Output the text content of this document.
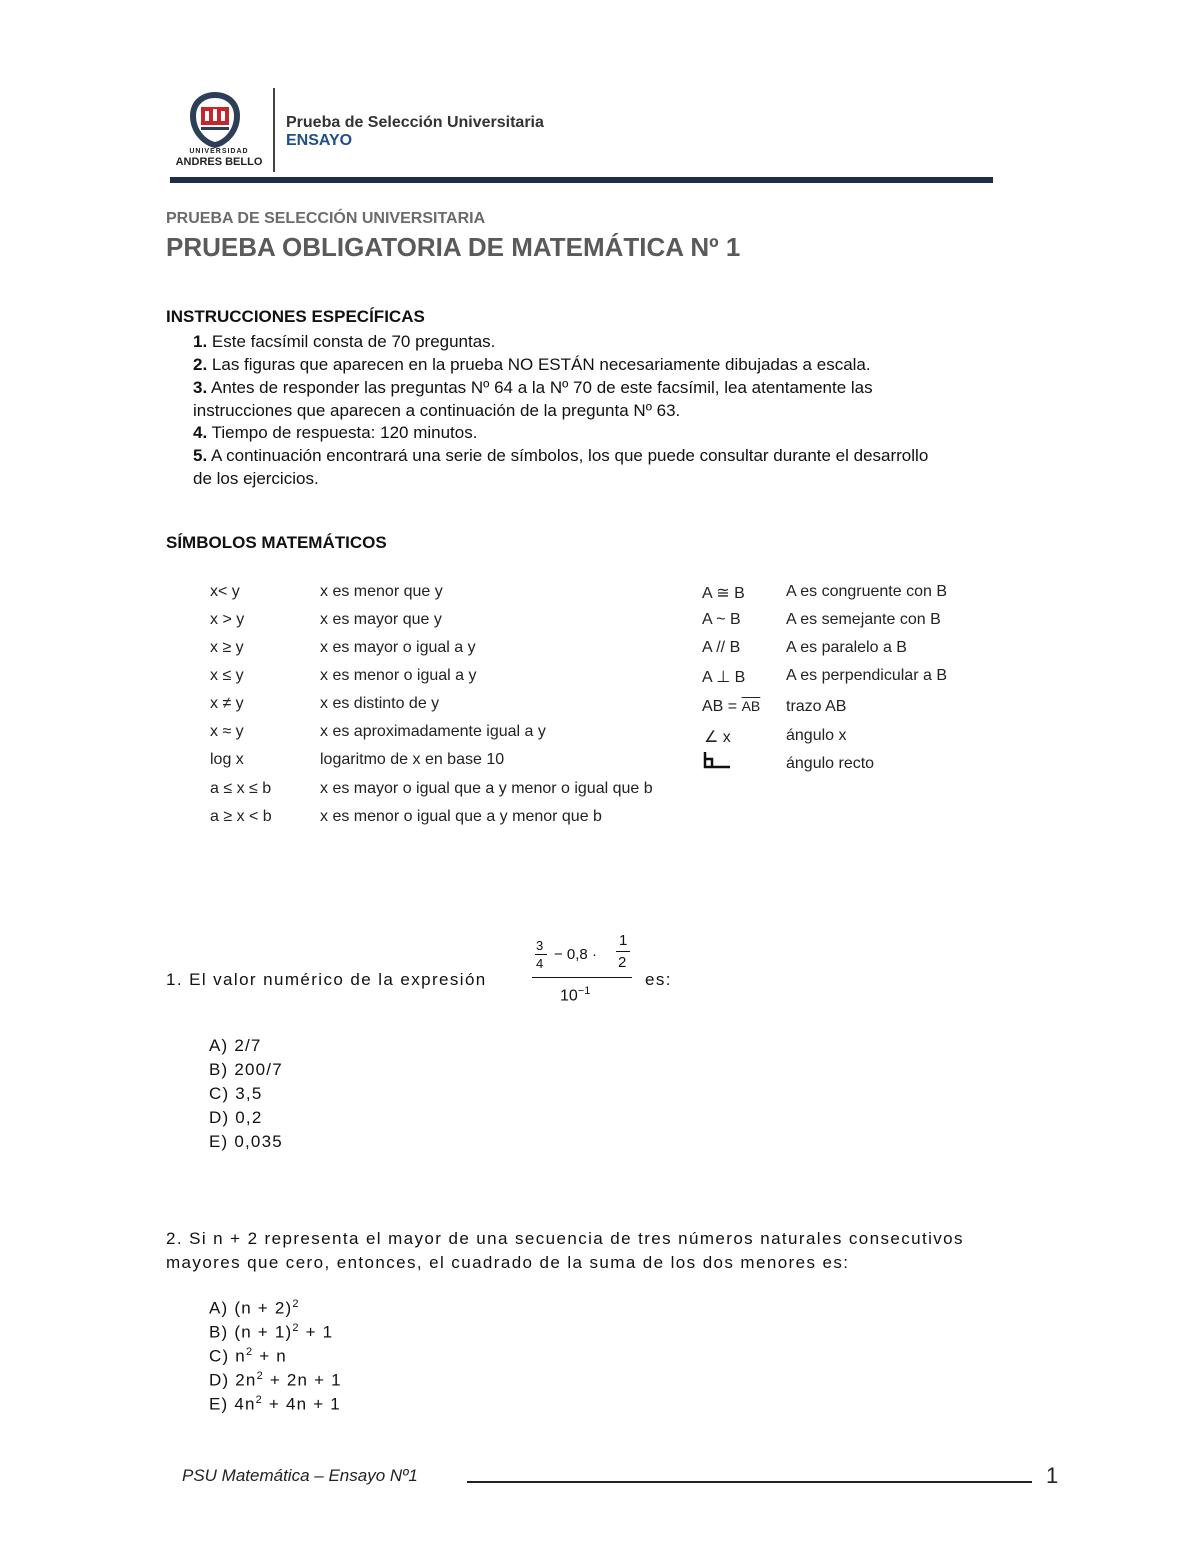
UNIVERSIDAD
ANDRES BELLO
Prueba de Selección Universitaria
ENSAYO
PRUEBA DE SELECCIÓN UNIVERSITARIA
PRUEBA OBLIGATORIA DE MATEMÁTICA Nº 1
INSTRUCCIONES ESPECÍFICAS
1. Este facsímil consta de 70 preguntas.
2. Las figuras que aparecen en la prueba NO ESTÁN necesariamente dibujadas a escala.
3. Antes de responder las preguntas Nº 64 a la Nº 70 de este facsímil, lea atentamente las
instrucciones que aparecen a continuación de la pregunta Nº 63.
4. Tiempo de respuesta: 120 minutos.
5. A continuación encontrará una serie de símbolos, los que puede consultar durante el desarrollo
de los ejercicios.
SÍMBOLOS MATEMÁTICOS
x< y	x es menor que y
x > y	x es mayor que y
x ≥ y	x es mayor o igual a y
x ≤ y	x es menor o igual a y
x ≠ y	x es distinto de y
x ≈ y	x es aproximadamente igual a y
log x	logaritmo de x en base 10
a ≤ x ≤ b	x es mayor o igual que a y menor o igual que b
a ≥ x < b	x es menor o igual que a y menor que b
A ≅ B	A es congruente con B
A ~ B	A es semejante con B
A // B	A es paralelo a B
A ⊥ B	A es perpendicular a B
AB = $\overline{AB}$ trazo AB
∠ x	ángulo x
ángulo recto
1. El valor numérico de la expresión
3
4
− 0,8 ·
1
2
$10^{-1}$
es:
A) 2/7
B) 200/7
C) 3,5
D) 0,2
E) 0,035
2. Si n + 2 representa el mayor de una secuencia de tres números naturales consecutivos
mayores que cero, entonces, el cuadrado de la suma de los dos menores es:
A) $(n + 2)^2$
B) $(n + 1)^2 + 1$
C) $n^2 + n$
D) $2n^2 + 2n + 1$
E) $4n^2 + 4n + 1$
PSU Matemática – Ensayo Nº1	1
